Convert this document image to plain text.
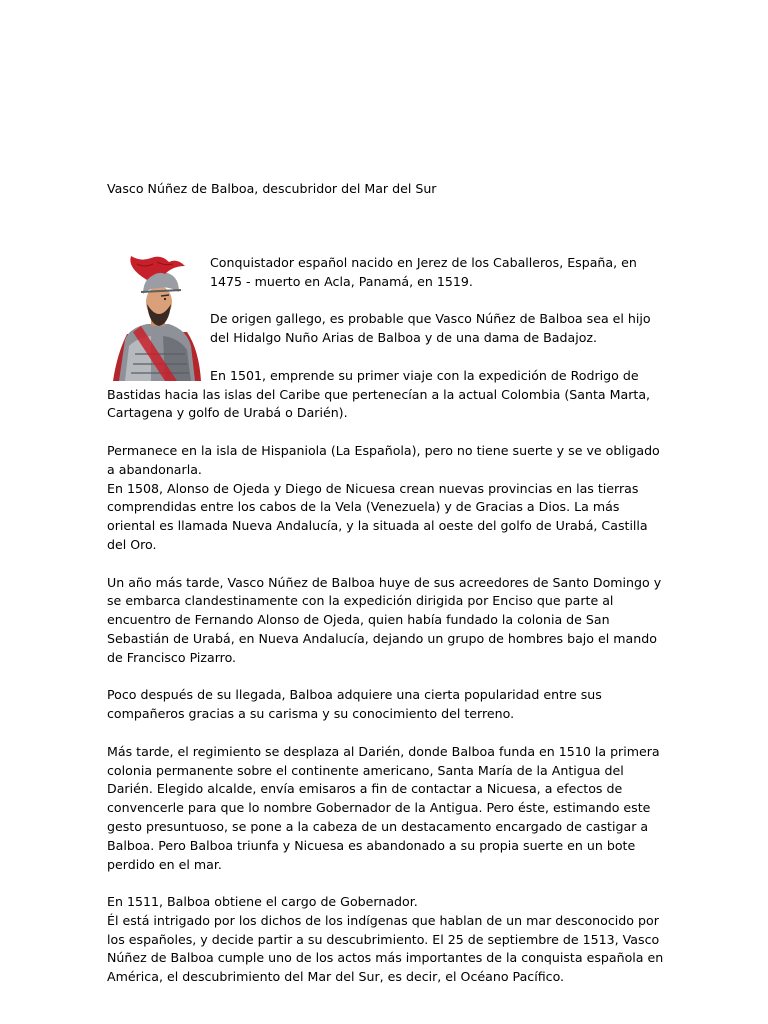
Vasco Núñez de Balboa, descubridor del Mar del Sur

Conquistador español nacido en Jerez de los Caballeros, España, en 1475 - muerto en Acla, Panamá, en 1519.

De origen gallego, es probable que Vasco Núñez de Balboa sea el hijo del Hidalgo Nuño Arias de Balboa y de una dama de Badajoz.

En 1501, emprende su primer viaje con la expedición de Rodrigo de Bastidas hacia las islas del Caribe que pertenecían a la actual Colombia (Santa Marta, Cartagena y golfo de Urabá o Darién).

Permanece en la isla de Hispaniola (La Española), pero no tiene suerte y se ve obligado a abandonarla.

En 1508, Alonso de Ojeda y Diego de Nicuesa crean nuevas provincias en las tierras comprendidas entre los cabos de la Vela (Venezuela) y de Gracias a Dios. La más oriental es llamada Nueva Andalucía, y la situada al oeste del golfo de Urabá, Castilla del Oro.

Un año más tarde, Vasco Núñez de Balboa huye de sus acreedores de Santo Domingo y se embarca clandestinamente con la expedición dirigida por Enciso que parte al encuentro de Fernando Alonso de Ojeda, quien había fundado la colonia de San Sebastián de Urabá, en Nueva Andalucía, dejando un grupo de hombres bajo el mando de Francisco Pizarro.

Poco después de su llegada, Balboa adquiere una cierta popularidad entre sus compañeros gracias a su carisma y su conocimiento del terreno.

Más tarde, el regimiento se desplaza al Darién, donde Balboa funda en 1510 la primera colonia permanente sobre el continente americano, Santa María de la Antigua del Darién. Elegido alcalde, envía emisaros a fin de contactar a Nicuesa, a efectos de convencerle para que lo nombre Gobernador de la Antigua. Pero éste, estimando este gesto presuntuoso, se pone a la cabeza de un destacamento encargado de castigar a Balboa. Pero Balboa triunfa y Nicuesa es abandonado a su propia suerte en un bote perdido en el mar.

En 1511, Balboa obtiene el cargo de Gobernador.

Él está intrigado por los dichos de los indígenas que hablan de un mar desconocido por los españoles, y decide partir a su descubrimiento. El 25 de septiembre de 1513, Vasco Núñez de Balboa cumple uno de los actos más importantes de la conquista española en América, el descubrimiento del Mar del Sur, es decir, el Océano Pacífico.
